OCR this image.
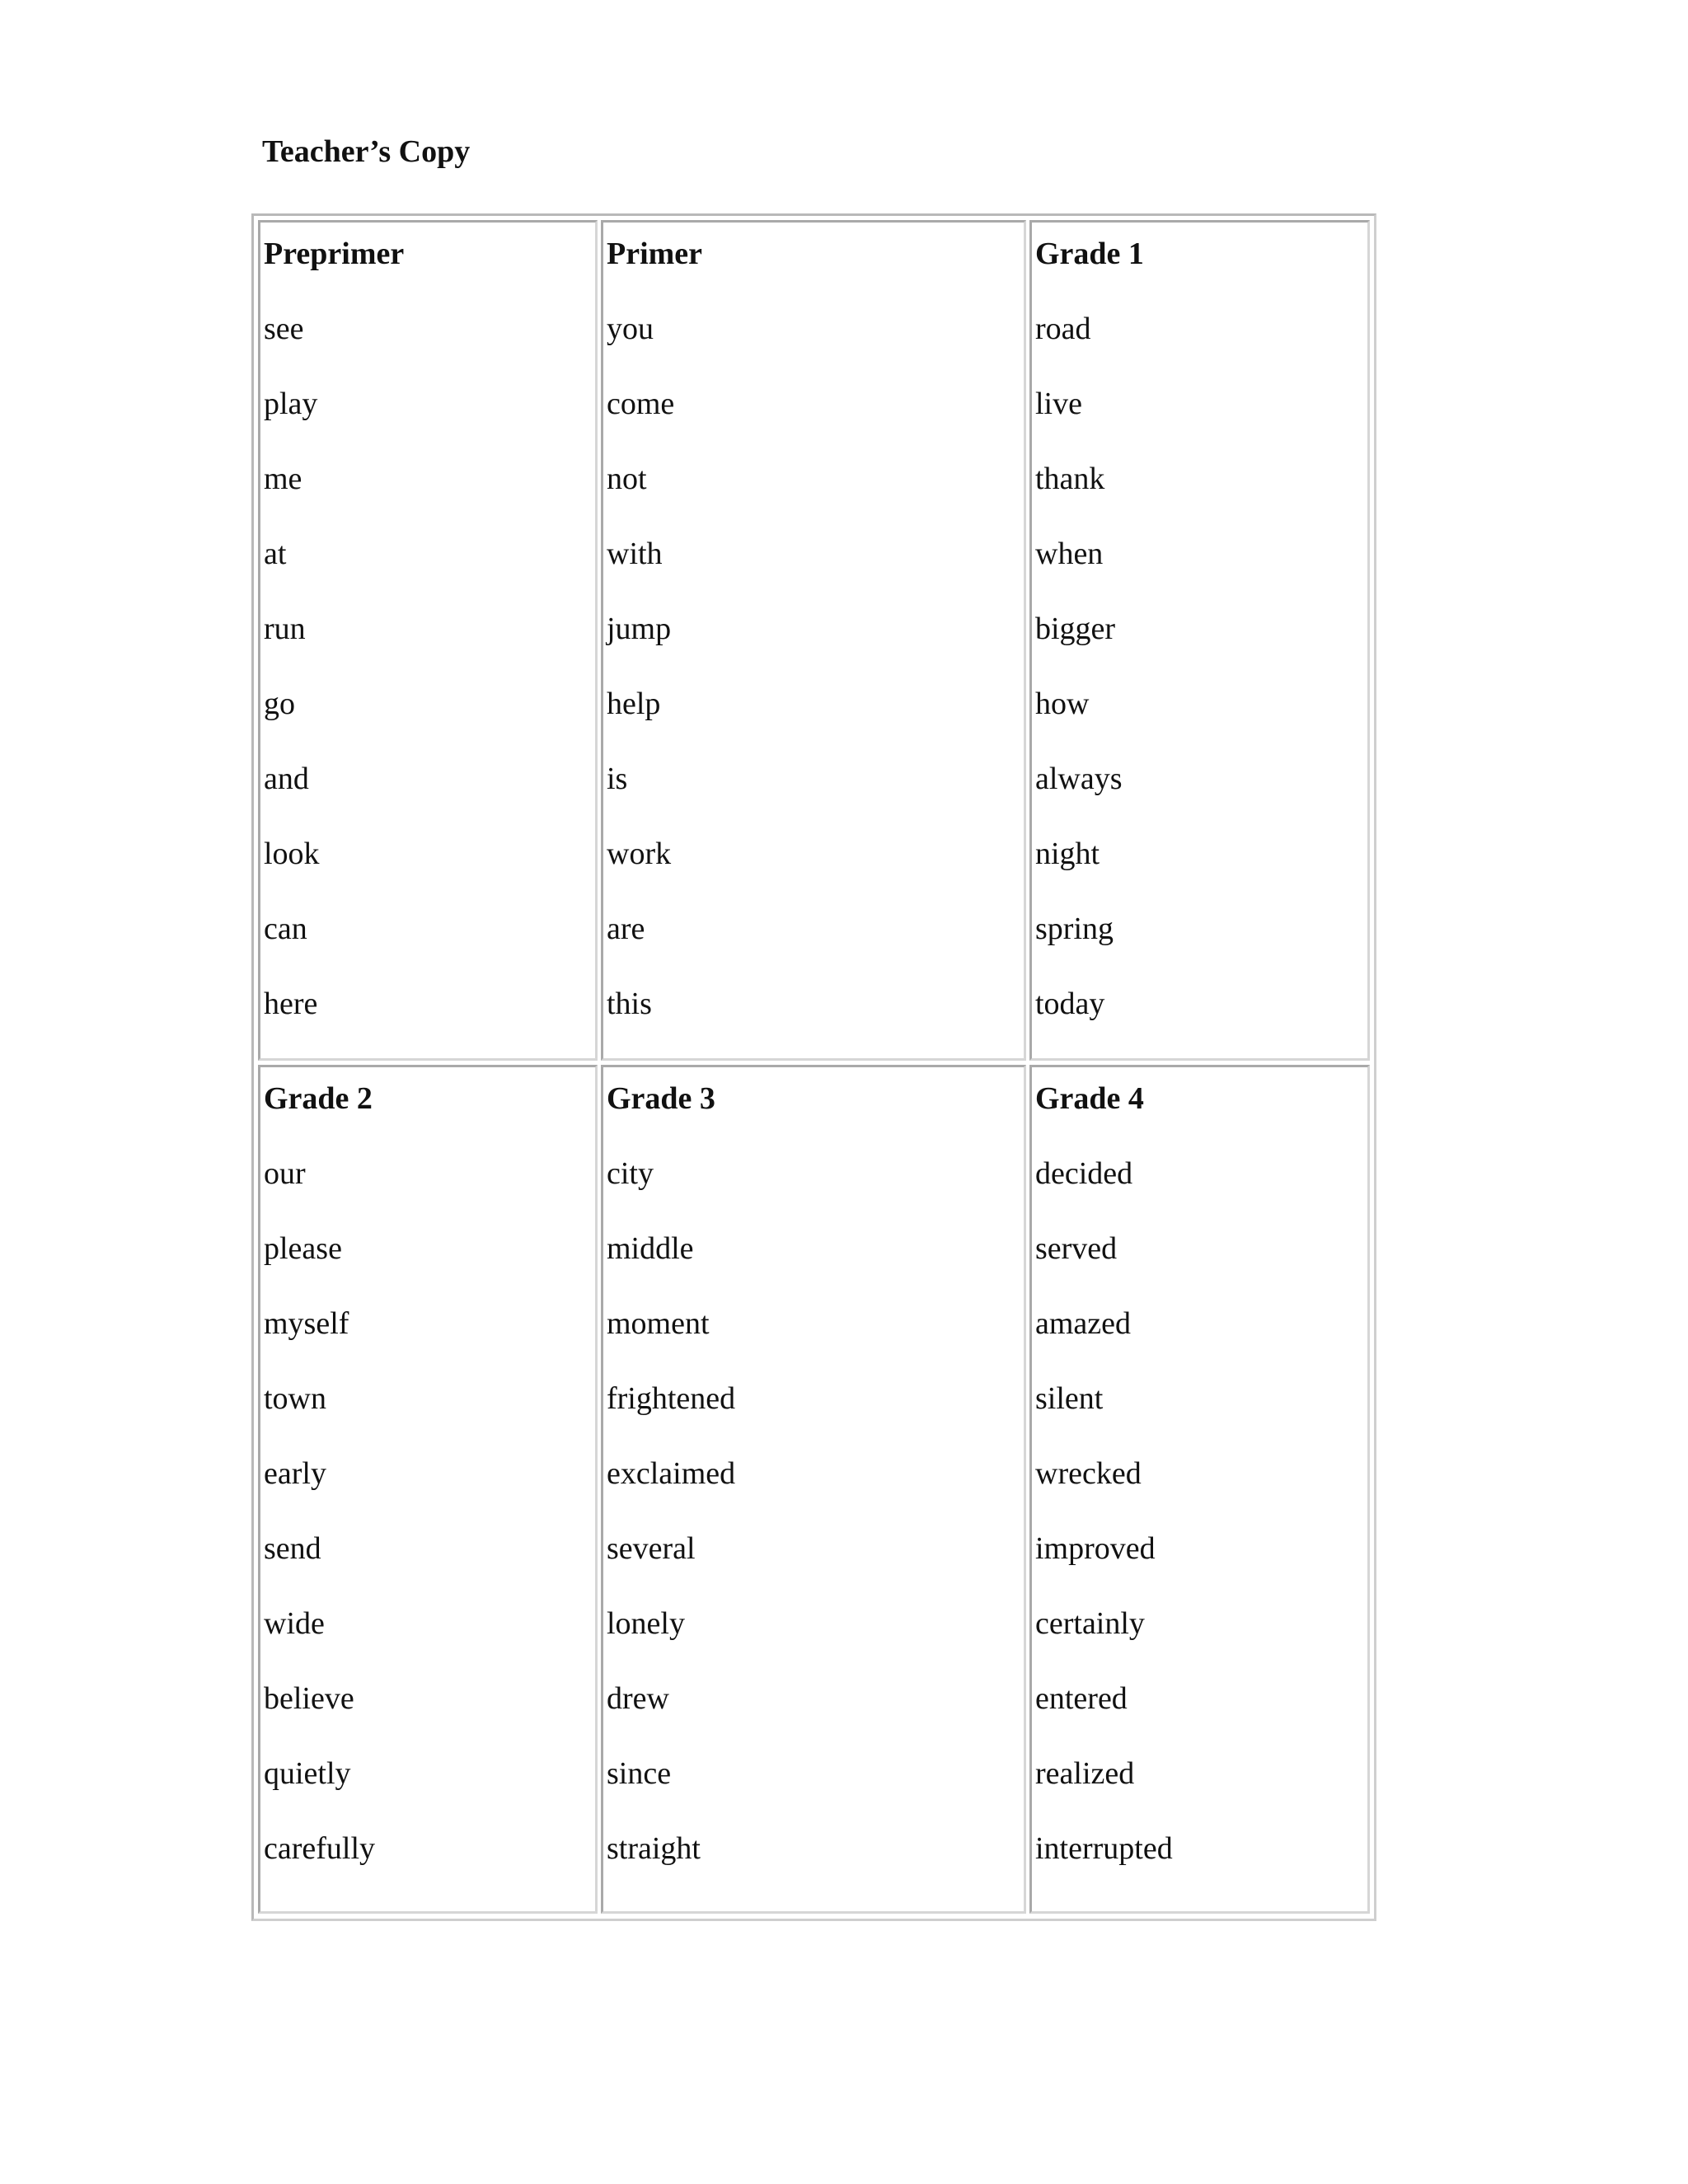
Teacher’s Copy
Preprimer
see
play
me
at
run
go
and
look
can
here
Primer
you
come
not
with
jump
help
is
work
are
this
Grade 1
road
live
thank
when
bigger
how
always
night
spring
today
Grade 2
our
please
myself
town
early
send
wide
believe
quietly
carefully
Grade 3
city
middle
moment
frightened
exclaimed
several
lonely
drew
since
straight
Grade 4
decided
served
amazed
silent
wrecked
improved
certainly
entered
realized
interrupted
